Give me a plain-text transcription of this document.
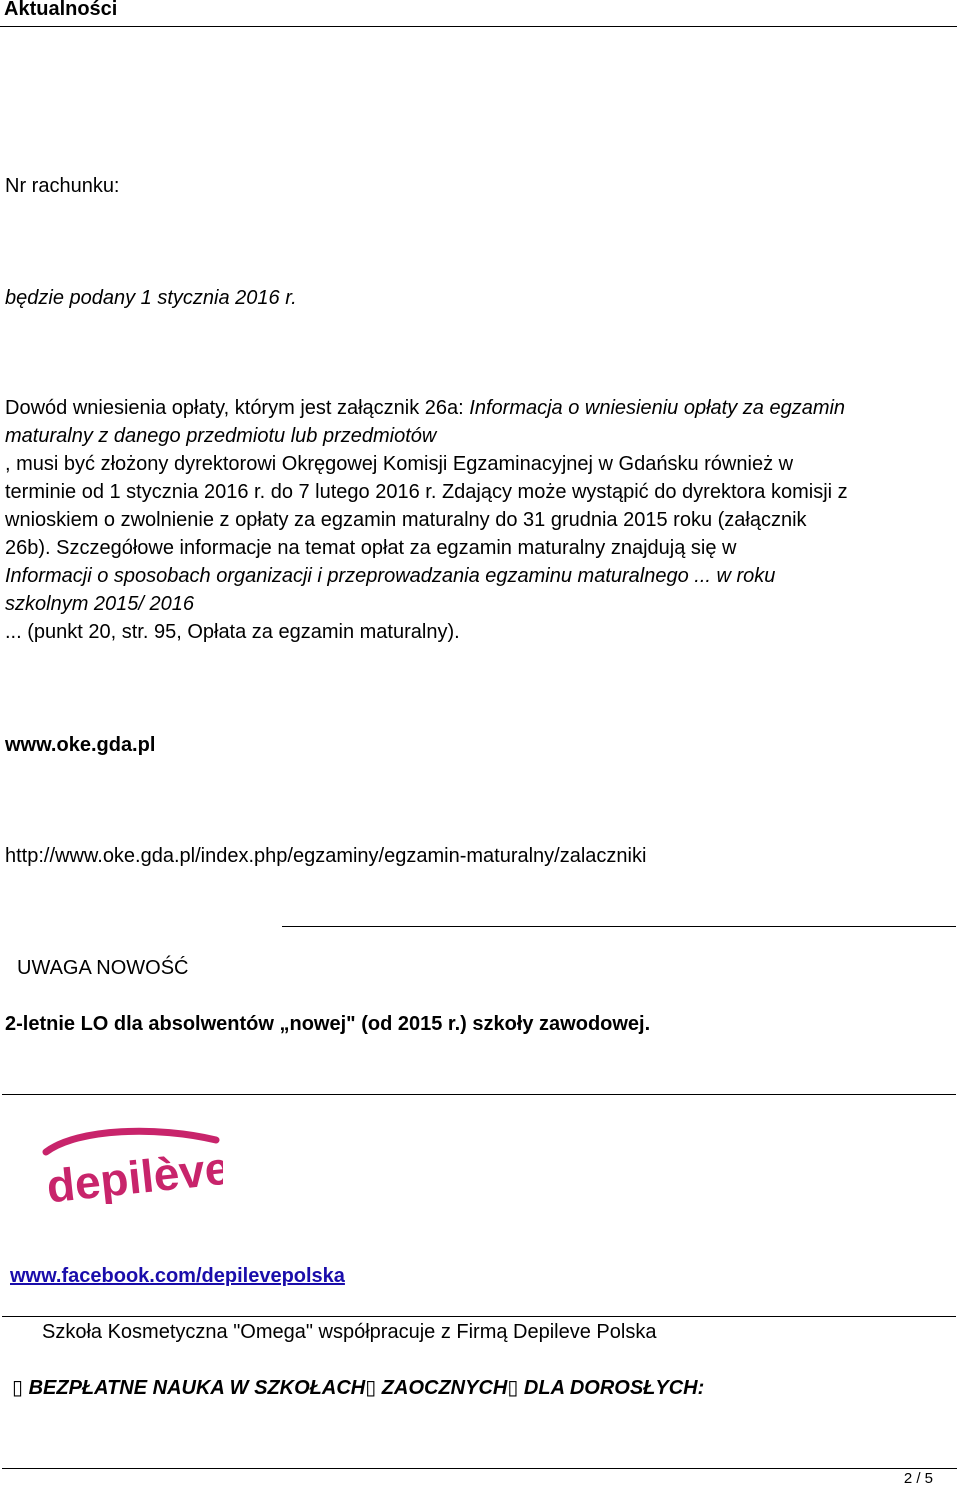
Aktualności
Nr rachunku:
będzie podany 1 stycznia 2016 r.
Dowód wniesienia opłaty, którym jest załącznik 26a: Informacja o wniesieniu opłaty za egzamin
maturalny z danego przedmiotu lub przedmiotów
, musi być złożony dyrektorowi Okręgowej Komisji Egzaminacyjnej w Gdańsku również w
terminie od 1 stycznia 2016 r. do 7 lutego 2016 r. Zdający może wystąpić do dyrektora komisji z
wnioskiem o zwolnienie z opłaty za egzamin maturalny do 31 grudnia 2015 roku (załącznik
26b). Szczegółowe informacje na temat opłat za egzamin maturalny znajdują się w
Informacji o sposobach organizacji i przeprowadzania egzaminu maturalnego ... w roku
szkolnym 2015/ 2016
... (punkt 20, str. 95, Opłata za egzamin maturalny).
www.oke.gda.pl
http://www.oke.gda.pl/index.php/egzaminy/egzamin-maturalny/zalaczniki
UWAGA NOWOŚĆ
2-letnie LO dla absolwentów „nowej" (od 2015 r.) szkoły zawodowej.
depilève
www.facebook.com/depilevepolska
Szkoła Kosmetyczna "Omega" współpracuje z Firmą Depileve Polska
▯ BEZPŁATNE NAUKA W SZKOŁACH▯ ZAOCZNYCH▯ DLA DOROSŁYCH:
2 / 5
